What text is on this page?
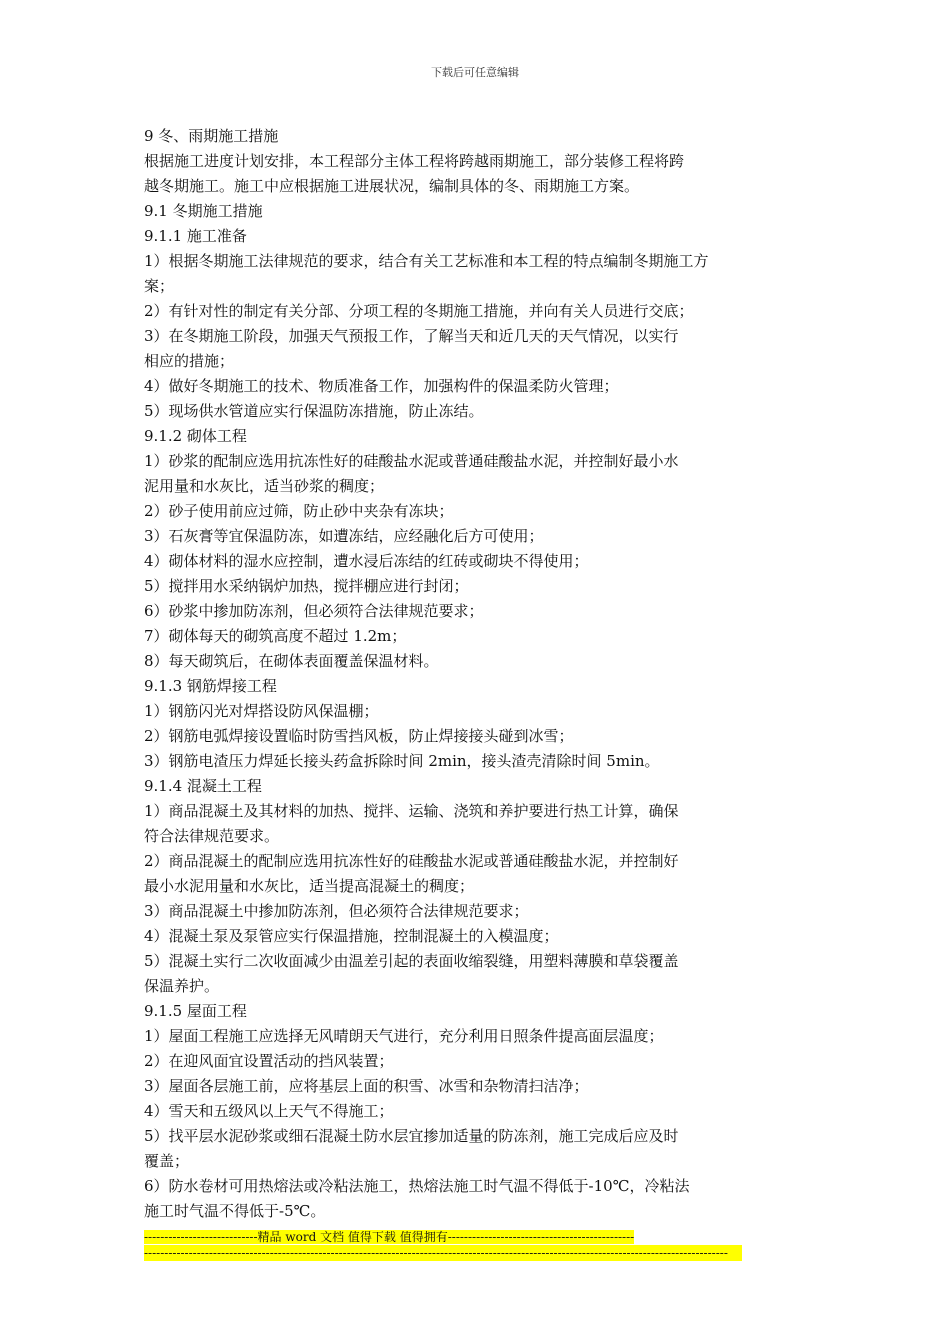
下载后可任意编辑
9 冬、雨期施工措施
根据施工进度计划安排，本工程部分主体工程将跨越雨期施工，部分装修工程将跨
越冬期施工。施工中应根据施工进展状况，编制具体的冬、雨期施工方案。
9.1 冬期施工措施
9.1.1 施工准备
1）根据冬期施工法律规范的要求，结合有关工艺标准和本工程的特点编制冬期施工方
案；
2）有针对性的制定有关分部、分项工程的冬期施工措施，并向有关人员进行交底；
3）在冬期施工阶段，加强天气预报工作，了解当天和近几天的天气情况，以实行
相应的措施；
4）做好冬期施工的技术、物质准备工作，加强构件的保温柔防火管理；
5）现场供水管道应实行保温防冻措施，防止冻结。
9.1.2 砌体工程
1）砂浆的配制应选用抗冻性好的硅酸盐水泥或普通硅酸盐水泥，并控制好最小水
泥用量和水灰比，适当砂浆的稠度；
2）砂子使用前应过筛，防止砂中夹杂有冻块；
3）石灰膏等宜保温防冻，如遭冻结，应经融化后方可使用；
4）砌体材料的湿水应控制，遭水浸后冻结的红砖或砌块不得使用；
5）搅拌用水采纳锅炉加热，搅拌棚应进行封闭；
6）砂浆中掺加防冻剂，但必须符合法律规范要求；
7）砌体每天的砌筑高度不超过 1.2m；
8）每天砌筑后，在砌体表面覆盖保温材料。
9.1.3 钢筋焊接工程
1）钢筋闪光对焊搭设防风保温棚；
2）钢筋电弧焊接设置临时防雪挡风板，防止焊接接头碰到冰雪；
3）钢筋电渣压力焊延长接头药盒拆除时间 2min，接头渣壳清除时间 5min。
9.1.4 混凝土工程
1）商品混凝土及其材料的加热、搅拌、运输、浇筑和养护要进行热工计算，确保
符合法律规范要求。
2）商品混凝土的配制应选用抗冻性好的硅酸盐水泥或普通硅酸盐水泥，并控制好
最小水泥用量和水灰比，适当提高混凝土的稠度；
3）商品混凝土中掺加防冻剂，但必须符合法律规范要求；
4）混凝土泵及泵管应实行保温措施，控制混凝土的入模温度；
5）混凝土实行二次收面减少由温差引起的表面收缩裂缝，用塑料薄膜和草袋覆盖
保温养护。
9.1.5 屋面工程
1）屋面工程施工应选择无风晴朗天气进行，充分利用日照条件提高面层温度；
2）在迎风面宜设置活动的挡风装置；
3）屋面各层施工前，应将基层上面的积雪、冰雪和杂物清扫洁净；
4）雪天和五级风以上天气不得施工；
5）找平层水泥砂浆或细石混凝土防水层宜掺加适量的防冻剂，施工完成后应及时
覆盖；
6）防水卷材可用热熔法或冷粘法施工，热熔法施工时气温不得低于-10℃，冷粘法
施工时气温不得低于-5℃。
----------------------------精品 word 文档 值得下载 值得拥有----------------------------------------------
------------------------------------------------------------------------------------------------------------------------------------------------
